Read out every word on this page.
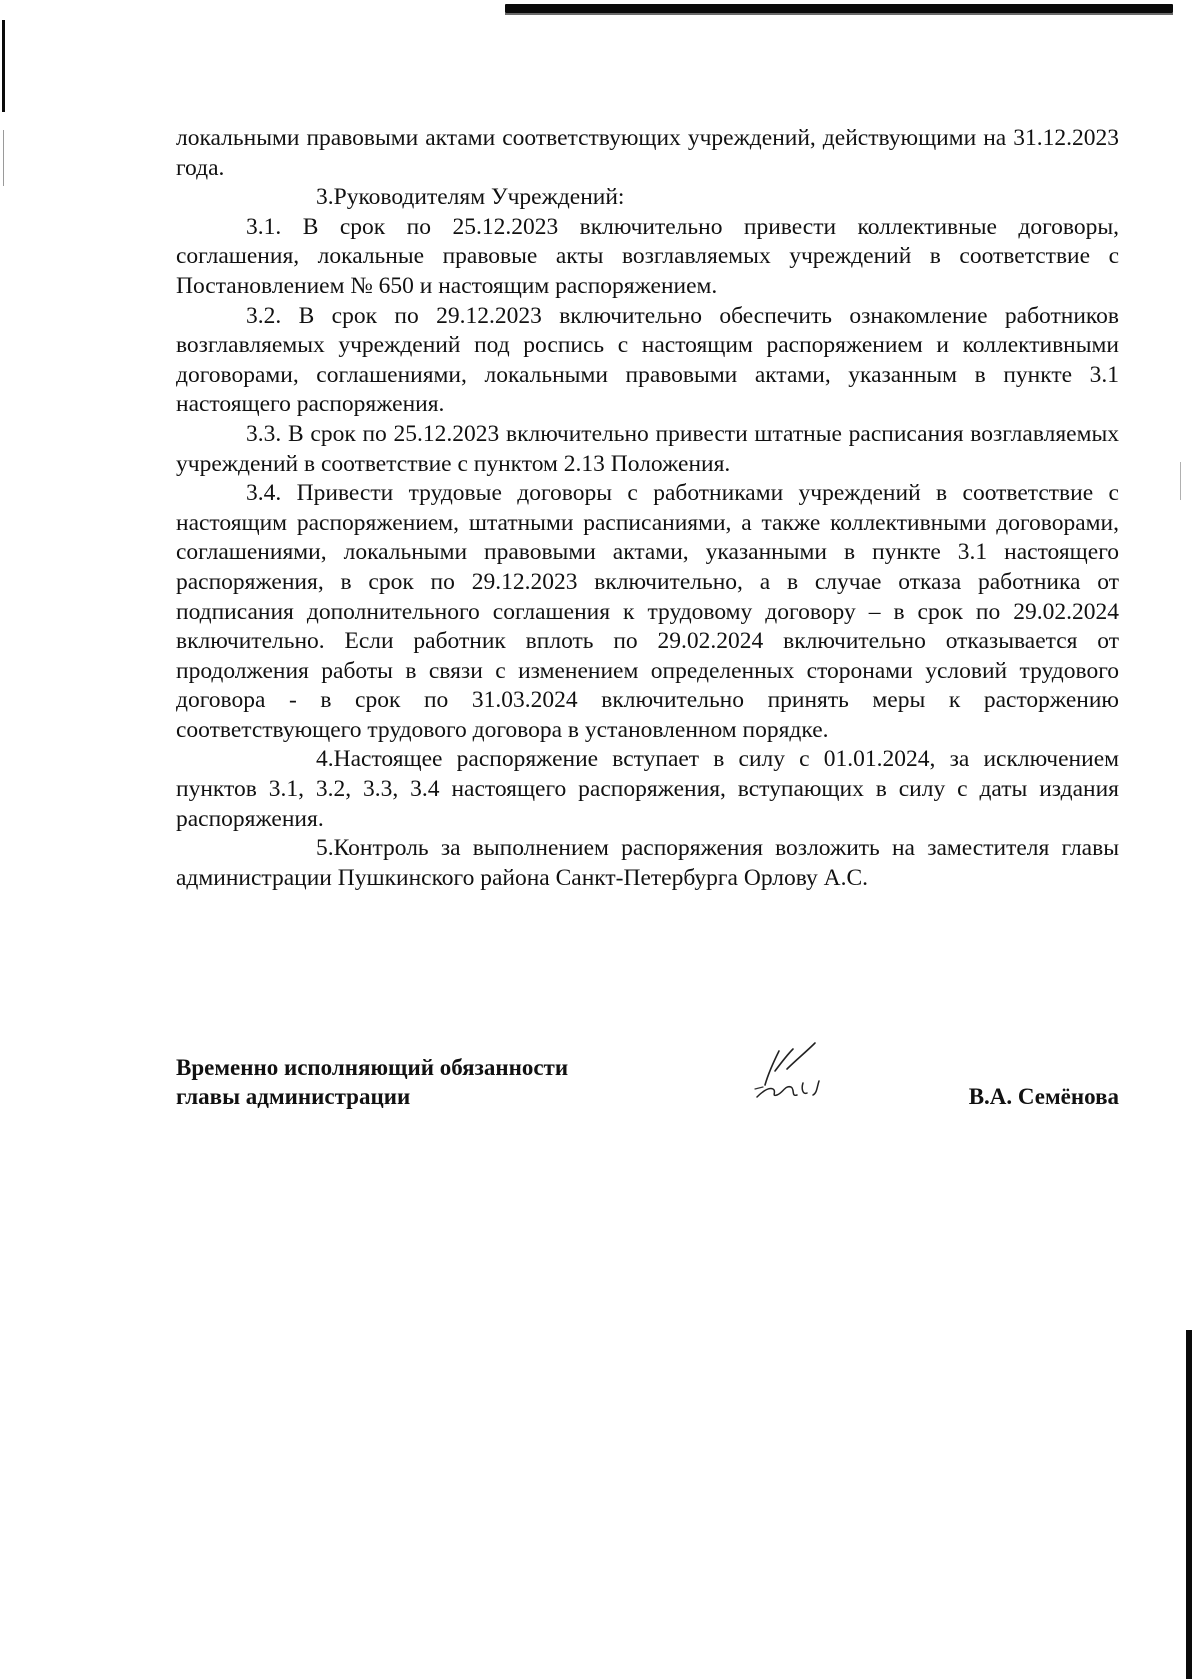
локальными правовыми актами соответствующих учреждений, действующими на 31.12.2023 года.

3.Руководителям Учреждений:

3.1. В срок по 25.12.2023 включительно привести коллективные договоры, соглашения, локальные правовые акты возглавляемых учреждений в соответствие с Постановлением № 650 и настоящим распоряжением.

3.2. В срок по 29.12.2023 включительно обеспечить ознакомление работников возглавляемых учреждений под роспись с настоящим распоряжением и коллективными договорами, соглашениями, локальными правовыми актами, указанным в пункте 3.1 настоящего распоряжения.

3.3. В срок по 25.12.2023 включительно привести штатные расписания возглавляемых учреждений в соответствие с пунктом 2.13 Положения.

3.4. Привести трудовые договоры с работниками учреждений в соответствие с настоящим распоряжением, штатными расписаниями, а также коллективными договорами, соглашениями, локальными правовыми актами, указанными в пункте 3.1 настоящего распоряжения, в срок по 29.12.2023 включительно, а в случае отказа работника от подписания дополнительного соглашения к трудовому договору – в срок по 29.02.2024 включительно. Если работник вплоть по 29.02.2024 включительно отказывается от продолжения работы в связи с изменением определенных сторонами условий трудового договора - в срок по 31.03.2024 включительно принять меры к расторжению соответствующего трудового договора в установленном порядке.

4.Настоящее распоряжение вступает в силу с 01.01.2024, за исключением пунктов 3.1, 3.2, 3.3, 3.4 настоящего распоряжения, вступающих в силу с даты издания распоряжения.

5.Контроль за выполнением распоряжения возложить на заместителя главы администрации Пушкинского района Санкт-Петербурга Орлову А.С.

Временно исполняющий обязанности
главы администрации	В.А. Семёнова
